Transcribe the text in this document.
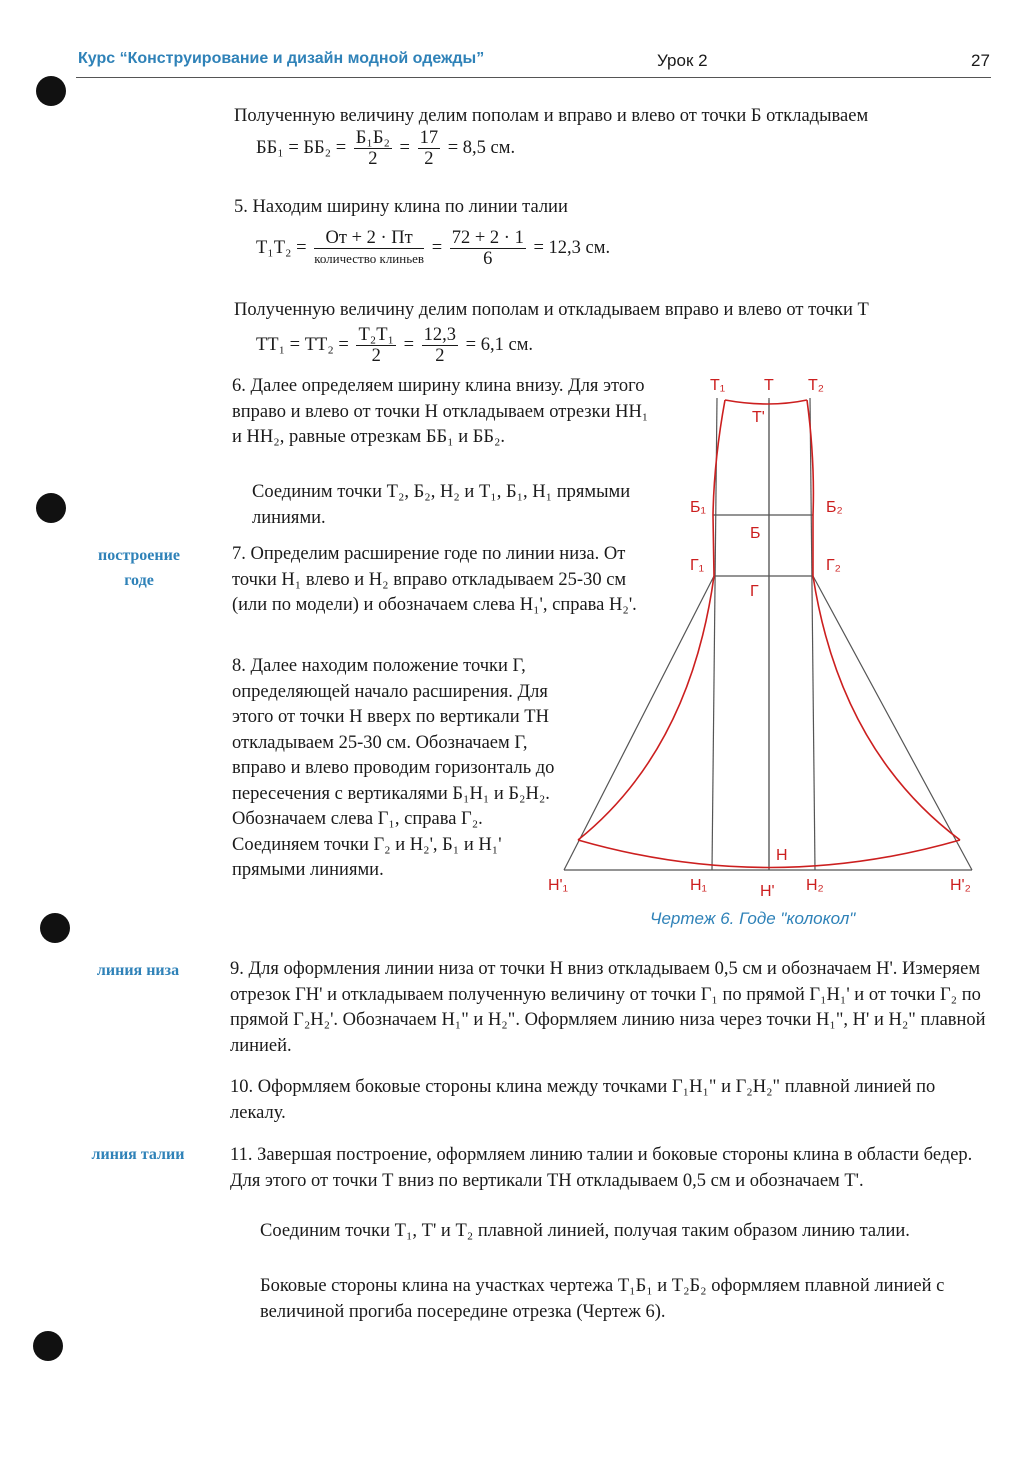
Курс “Конструирование и дизайн модной одежды”	Урок 2	27
построение
годе
линия низа
линия талии
Полученную величину делим пополам и вправо и влево от точки Б откладываем
$ББ_1 = ББ_2 = \frac{\text{Б₁Б₂}}{2} = \frac{17}{2} = 8,5$ см.
5. Находим ширину клина по линии талии
$Т_1Т_2 = \frac{Oт + 2 \cdot Пт}{\text{количество клиньев}} = \frac{72 + 2 \cdot 1}{6} = 12,3$ см.
Полученную величину делим пополам и откладываем вправо и влево от точки Т
$ТТ_1 = ТТ_2 = \frac{\text{Т₂Т₁}}{2} = \frac{12,3}{2} = 6,1$ см.
6. Далее определяем ширину клина внизу. Для этого вправо и влево от точки Н откладываем отрезки НН₁ и НН₂, равные отрезкам ББ₁ и ББ₂.
Соединим точки Т₂, Б₂, Н₂ и Т₁, Б₁, Н₁ прямыми линиями.
7. Определим расширение годе по линии низа. От точки Н₁ влево и Н₂ вправо откладываем 25-30 см (или по модели) и обозначаем слева Н₁', справа Н₂'.
8. Далее находим положение точки Г, определяющей начало расширения. Для этого от точки Н вверх по вертикали ТН откладываем 25-30 см. Обозначаем Г, вправо и влево проводим горизонталь до пересечения с вертикалями Б₁Н₁ и Б₂Н₂. Обозначаем слева Г₁, справа Г₂. Соединяем точки Г₂ и Н₂', Б₁ и Н₁' прямыми линиями.
Т₁ Т Т₂
Т'
Б₁
Б
Б₂
Г₁
Г
Г₂
Н
Н'₁	Н₁	Н' Н₂	Н'₂
Чертеж 6. Годе "колокол"
9. Для оформления линии низа от точки Н вниз откладываем 0,5 см и обозначаем Н'. Измеряем отрезок ГН' и откладываем полученную величину от точки Г₁ по прямой Г₁Н₁' и от точки Г₂ по прямой Г₂Н₂'. Обозначаем Н₁" и Н₂". Оформляем линию низа через точки Н₁", Н' и Н₂" плавной линией.
10. Оформляем боковые стороны клина между точками Г₁Н₁" и Г₂Н₂" плавной линией по лекалу.
11. Завершая построение, оформляем линию талии и боковые стороны клина в области бедер. Для этого от точки Т вниз по вертикали ТН откладываем 0,5 см и обозначаем Т'.
Соединим точки Т₁, Т' и Т₂ плавной линией, получая таким образом линию талии.
Боковые стороны клина на участках чертежа Т₁Б₁ и Т₂Б₂ оформляем плавной линией с величиной прогиба посередине отрезка (Чертеж 6).
